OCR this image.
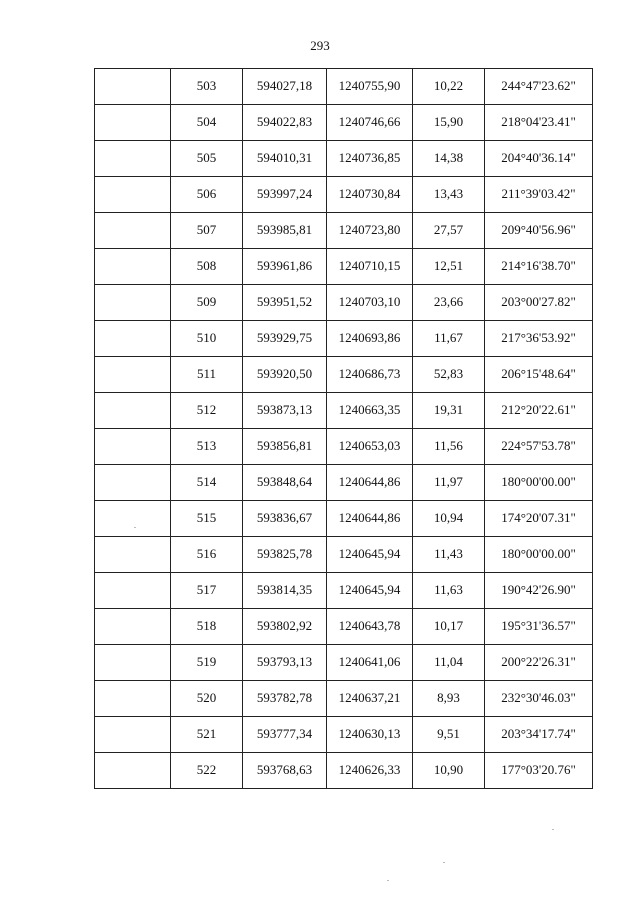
293
	503	594027,18	1240755,90	10,22	244°47'23.62"
	504	594022,83	1240746,66	15,90	218°04'23.41"
	505	594010,31	1240736,85	14,38	204°40'36.14"
	506	593997,24	1240730,84	13,43	211°39'03.42"
	507	593985,81	1240723,80	27,57	209°40'56.96"
	508	593961,86	1240710,15	12,51	214°16'38.70"
	509	593951,52	1240703,10	23,66	203°00'27.82"
	510	593929,75	1240693,86	11,67	217°36'53.92"
	511	593920,50	1240686,73	52,83	206°15'48.64"
	512	593873,13	1240663,35	19,31	212°20'22.61"
	513	593856,81	1240653,03	11,56	224°57'53.78"
	514	593848,64	1240644,86	11,97	180°00'00.00"
	515	593836,67	1240644,86	10,94	174°20'07.31"
	516	593825,78	1240645,94	11,43	180°00'00.00"
	517	593814,35	1240645,94	11,63	190°42'26.90"
	518	593802,92	1240643,78	10,17	195°31'36.57"
	519	593793,13	1240641,06	11,04	200°22'26.31"
	520	593782,78	1240637,21	8,93	232°30'46.03"
	521	593777,34	1240630,13	9,51	203°34'17.74"
	522	593768,63	1240626,33	10,90	177°03'20.76"
